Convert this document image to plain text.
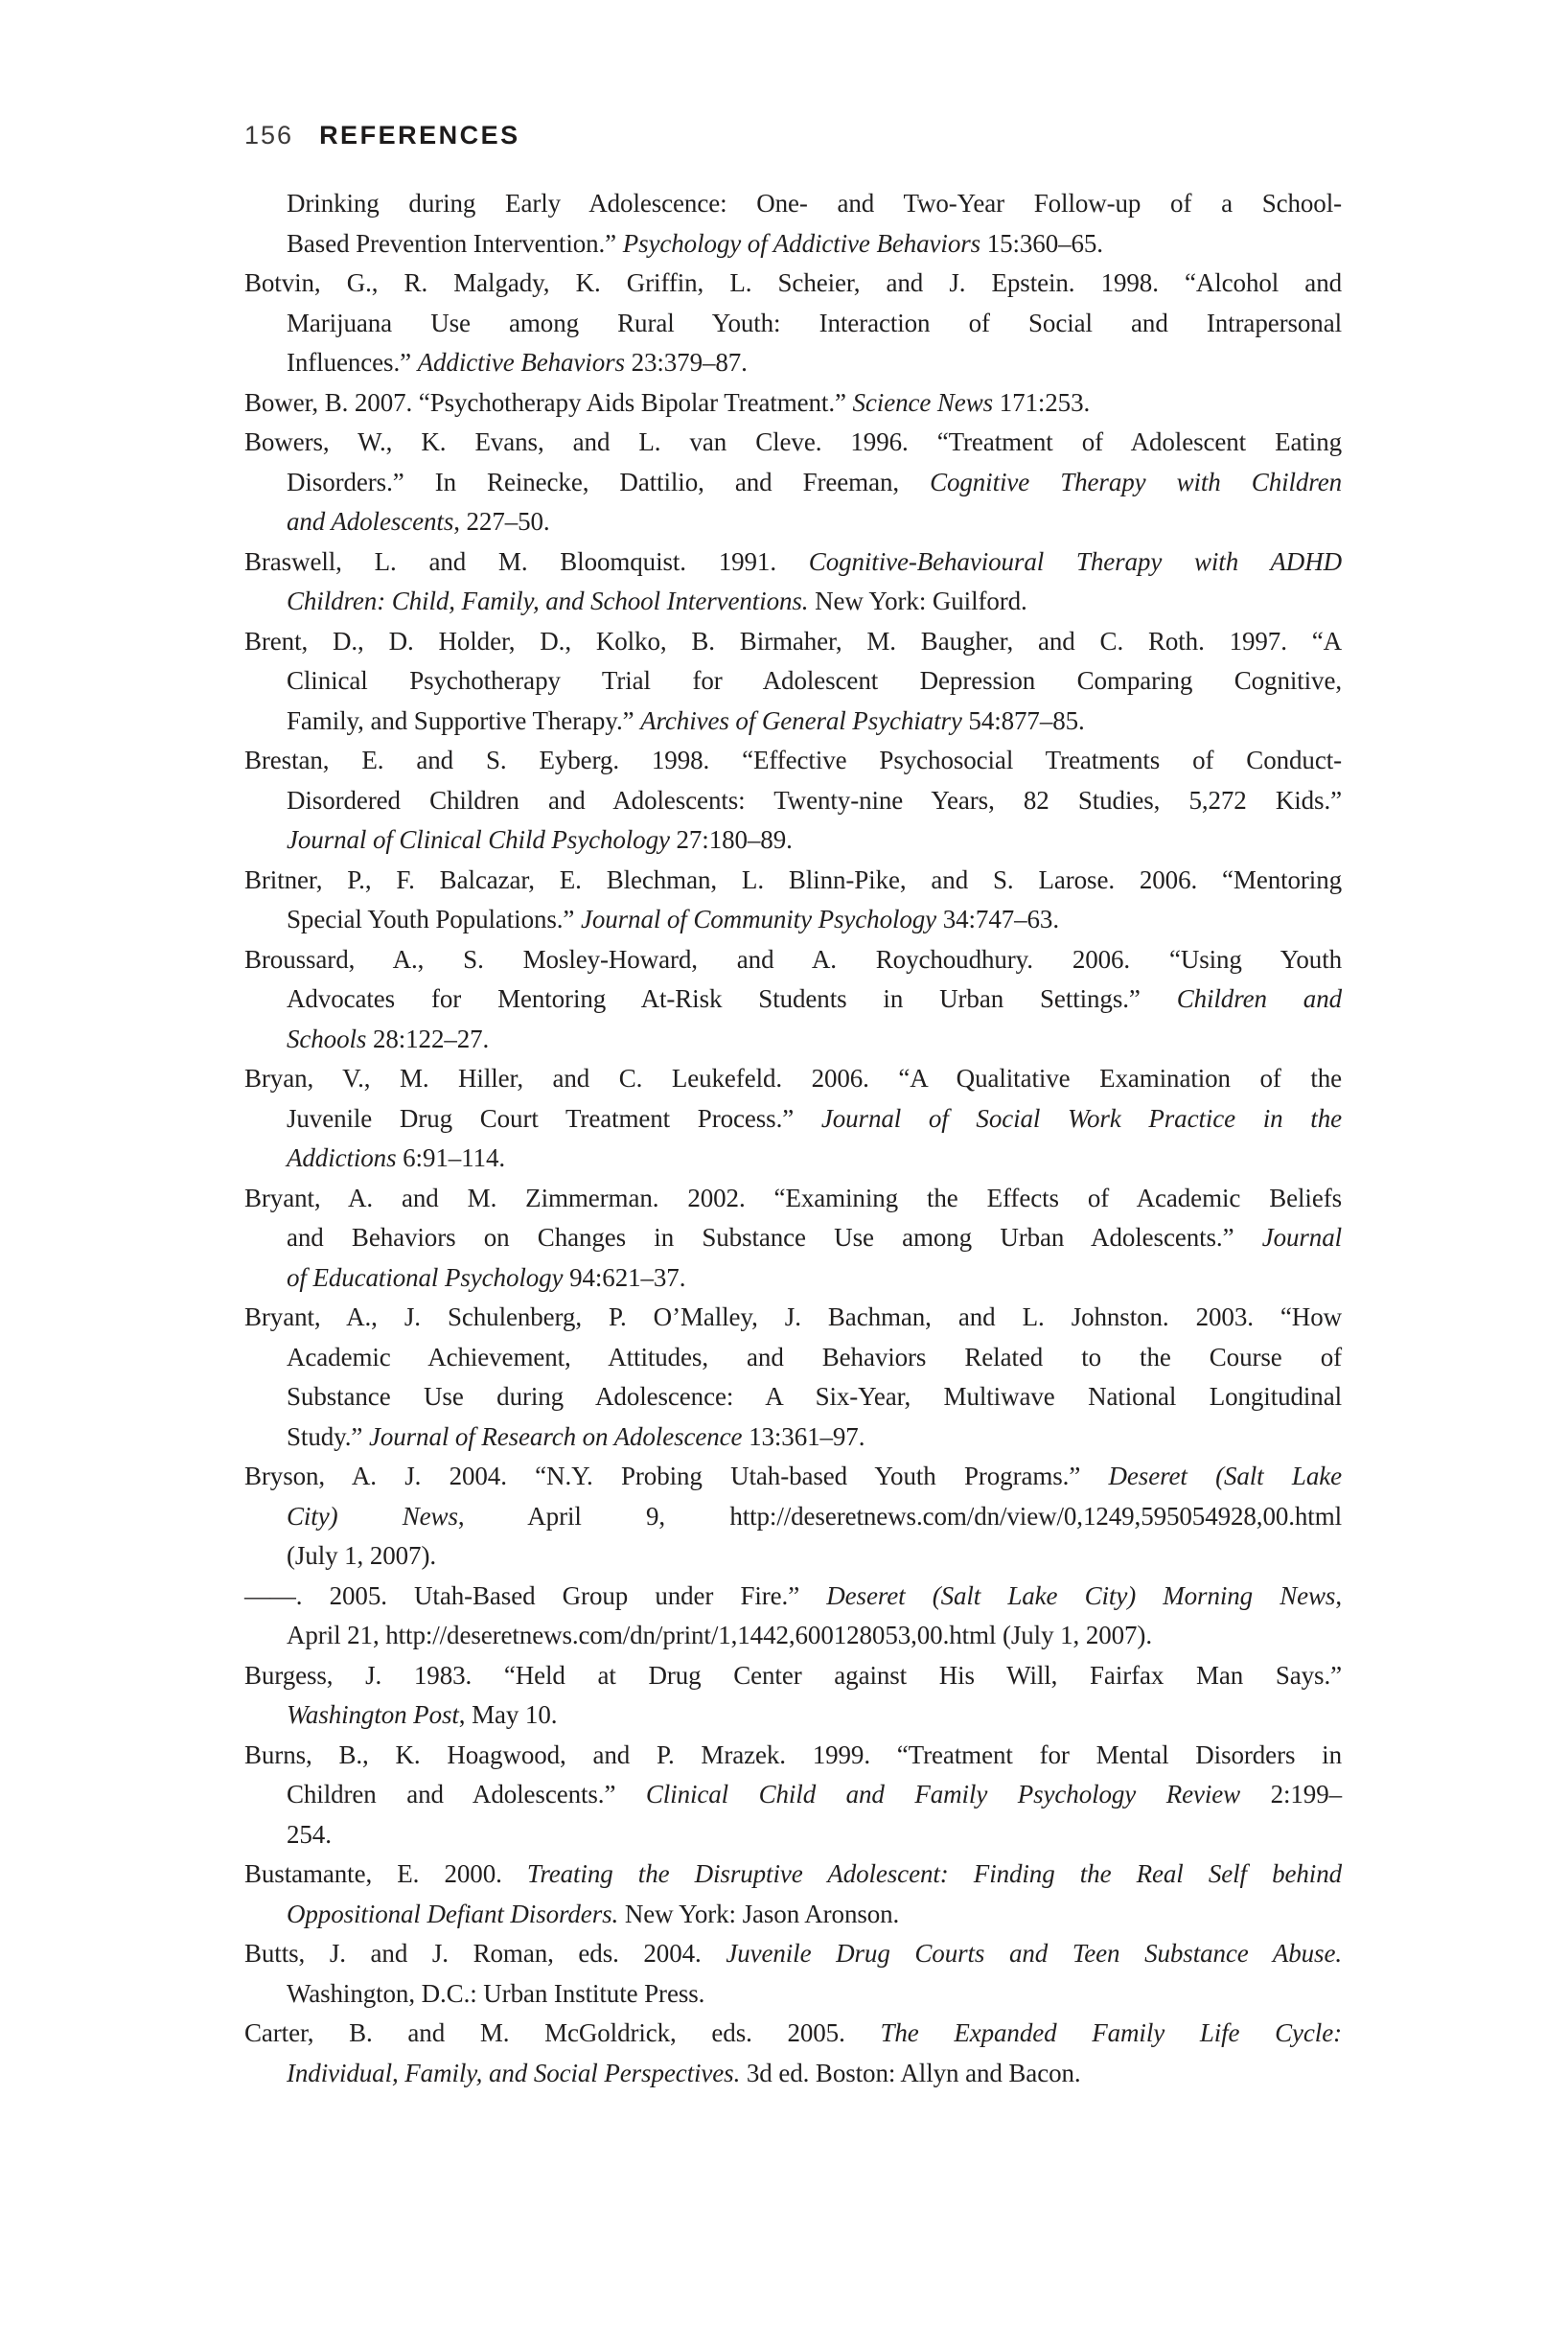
156 REFERENCES
Drinking during Early Adolescence: One- and Two-Year Follow-up of a School-
Based Prevention Intervention.” Psychology of Addictive Behaviors 15:360–65.
Botvin, G., R. Malgady, K. Griffin, L. Scheier, and J. Epstein. 1998. “Alcohol and
Marijuana Use among Rural Youth: Interaction of Social and Intrapersonal
Influences.” Addictive Behaviors 23:379–87.
Bower, B. 2007. “Psychotherapy Aids Bipolar Treatment.” Science News 171:253.
Bowers, W., K. Evans, and L. van Cleve. 1996. “Treatment of Adolescent Eating
Disorders.” In Reinecke, Dattilio, and Freeman, Cognitive Therapy with Children
and Adolescents, 227–50.
Braswell, L. and M. Bloomquist. 1991. Cognitive-Behavioural Therapy with ADHD
Children: Child, Family, and School Interventions. New York: Guilford.
Brent, D., D. Holder, D., Kolko, B. Birmaher, M. Baugher, and C. Roth. 1997. “A
Clinical Psychotherapy Trial for Adolescent Depression Comparing Cognitive,
Family, and Supportive Therapy.” Archives of General Psychiatry 54:877–85.
Brestan, E. and S. Eyberg. 1998. “Effective Psychosocial Treatments of Conduct-
Disordered Children and Adolescents: Twenty-nine Years, 82 Studies, 5,272 Kids.”
Journal of Clinical Child Psychology 27:180–89.
Britner, P., F. Balcazar, E. Blechman, L. Blinn-Pike, and S. Larose. 2006. “Mentoring
Special Youth Populations.” Journal of Community Psychology 34:747–63.
Broussard, A., S. Mosley-Howard, and A. Roychoudhury. 2006. “Using Youth
Advocates for Mentoring At-Risk Students in Urban Settings.” Children and
Schools 28:122–27.
Bryan, V., M. Hiller, and C. Leukefeld. 2006. “A Qualitative Examination of the
Juvenile Drug Court Treatment Process.” Journal of Social Work Practice in the
Addictions 6:91–114.
Bryant, A. and M. Zimmerman. 2002. “Examining the Effects of Academic Beliefs
and Behaviors on Changes in Substance Use among Urban Adolescents.” Journal
of Educational Psychology 94:621–37.
Bryant, A., J. Schulenberg, P. O’Malley, J. Bachman, and L. Johnston. 2003. “How
Academic Achievement, Attitudes, and Behaviors Related to the Course of
Substance Use during Adolescence: A Six-Year, Multiwave National Longitudinal
Study.” Journal of Research on Adolescence 13:361–97.
Bryson, A. J. 2004. “N.Y. Probing Utah-based Youth Programs.” Deseret (Salt Lake
City) News, April 9, http://deseretnews.com/dn/view/0,1249,595054928,00.html
(July 1, 2007).
——. 2005. Utah-Based Group under Fire.” Deseret (Salt Lake City) Morning News,
April 21, http://deseretnews.com/dn/print/1,1442,600128053,00.html (July 1, 2007).
Burgess, J. 1983. “Held at Drug Center against His Will, Fairfax Man Says.”
Washington Post, May 10.
Burns, B., K. Hoagwood, and P. Mrazek. 1999. “Treatment for Mental Disorders in
Children and Adolescents.” Clinical Child and Family Psychology Review 2:199–
254.
Bustamante, E. 2000. Treating the Disruptive Adolescent: Finding the Real Self behind
Oppositional Defiant Disorders. New York: Jason Aronson.
Butts, J. and J. Roman, eds. 2004. Juvenile Drug Courts and Teen Substance Abuse.
Washington, D.C.: Urban Institute Press.
Carter, B. and M. McGoldrick, eds. 2005. The Expanded Family Life Cycle:
Individual, Family, and Social Perspectives. 3d ed. Boston: Allyn and Bacon.
